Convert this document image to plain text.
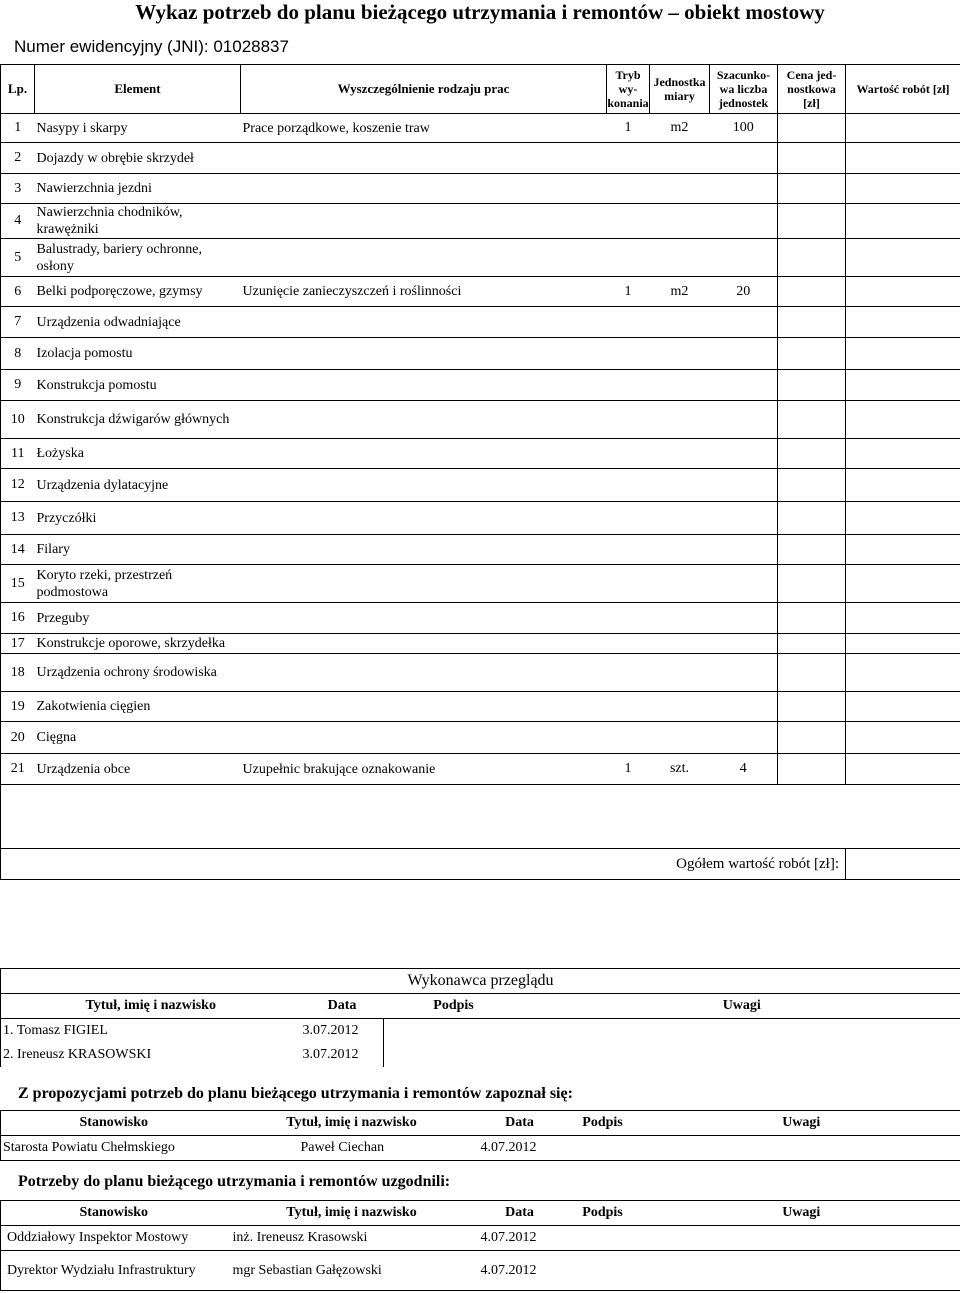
Wykaz potrzeb do planu bieżącego utrzymania i remontów – obiekt mostowy
Numer ewidencyjny (JNI): 01028837
Lp.	Element	Wyszczególnienie rodzaju prac	Tryb wy-konania	Jednostka miary	Szacunko-wa liczba jednostek	Cena jed-nostkowa [zł]	Wartość robót [zł]
1	Nasypy i skarpy	Prace porządkowe, koszenie traw	1	m2	100		
2	Dojazdy w obrębie skrzydeł						
3	Nawierzchnia jezdni						
4	Nawierzchnia chodników, krawężniki						
5	Balustrady, bariery ochronne, osłony						
6	Belki podporęczowe, gzymsy	Uzunięcie zanieczyszczeń i roślinności	1	m2	20		
7	Urządzenia odwadniające						
8	Izolacja pomostu						
9	Konstrukcja pomostu						
10	Konstrukcja dźwigarów głównych						
11	Łożyska						
12	Urządzenia dylatacyjne						
13	Przyczółki						
14	Filary						
15	Koryto rzeki, przestrzeń podmostowa						
16	Przeguby						
17	Konstrukcje oporowe, skrzydełka						
18	Urządzenia ochrony środowiska						
19	Zakotwienia cięgien						
20	Cięgna						
21	Urządzenia obce	Uzupełnic brakujące oznakowanie	1	szt.	4		

Ogółem wartość robót [zł]:							
Wykonawca przeglądu			
Tytuł, imię i nazwisko	Data	Podpis	Uwagi
1. Tomasz FIGIEL	3.07.2012		
2. Ireneusz KRASOWSKI	3.07.2012		
Z propozycjami potrzeb do planu bieżącego utrzymania i remontów zapoznał się:
Stanowisko	Tytuł, imię i nazwisko	Data	Podpis	Uwagi
Starosta Powiatu Chełmskiego	Paweł Ciechan	4.07.2012		
Potrzeby do planu bieżącego utrzymania i remontów uzgodnili:
Stanowisko	Tytuł, imię i nazwisko	Data	Podpis	Uwagi
Oddziałowy Inspektor Mostowy	inż. Ireneusz Krasowski	4.07.2012		
Dyrektor Wydziału Infrastruktury	mgr Sebastian Gałęzowski	4.07.2012		
